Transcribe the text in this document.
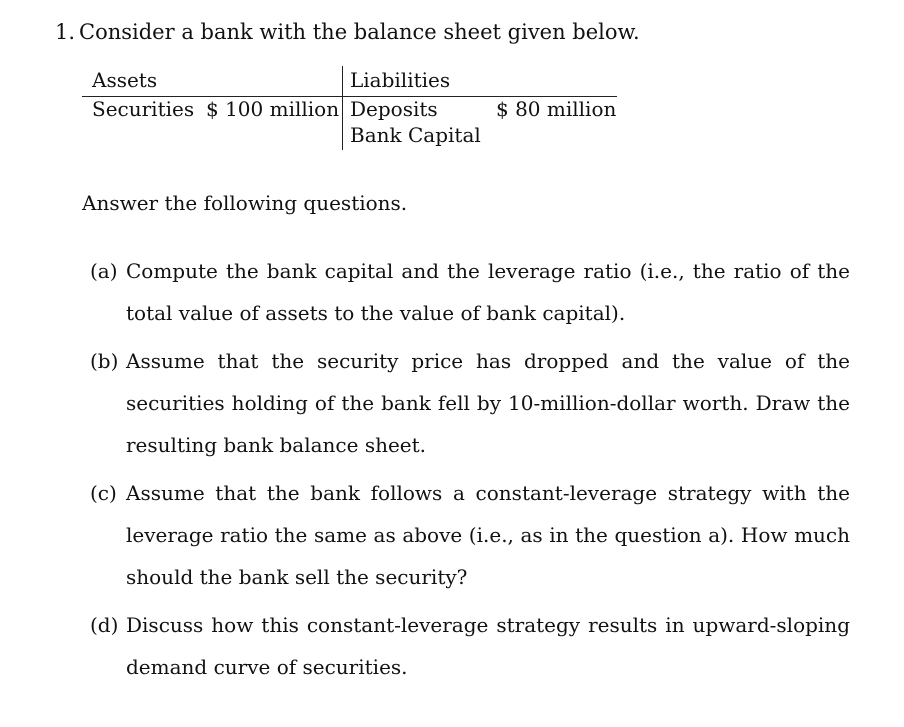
1. Consider a bank with the balance sheet given below.
Assets	Liabilities
Securities $ 100 million Deposits	$ 80 million
Bank Capital
Answer the following questions.
(a) Compute the bank capital and the leverage ratio (i.e., the ratio of the total value of assets to the value of bank capital).
(b) Assume that the security price has dropped and the value of the securities holding of the bank fell by 10-million-dollar worth. Draw the resulting bank balance sheet.
(c) Assume that the bank follows a constant-leverage strategy with the leverage ratio the same as above (i.e., as in the question a). How much should the bank sell the security?
(d) Discuss how this constant-leverage strategy results in upward-sloping demand curve of securities.
